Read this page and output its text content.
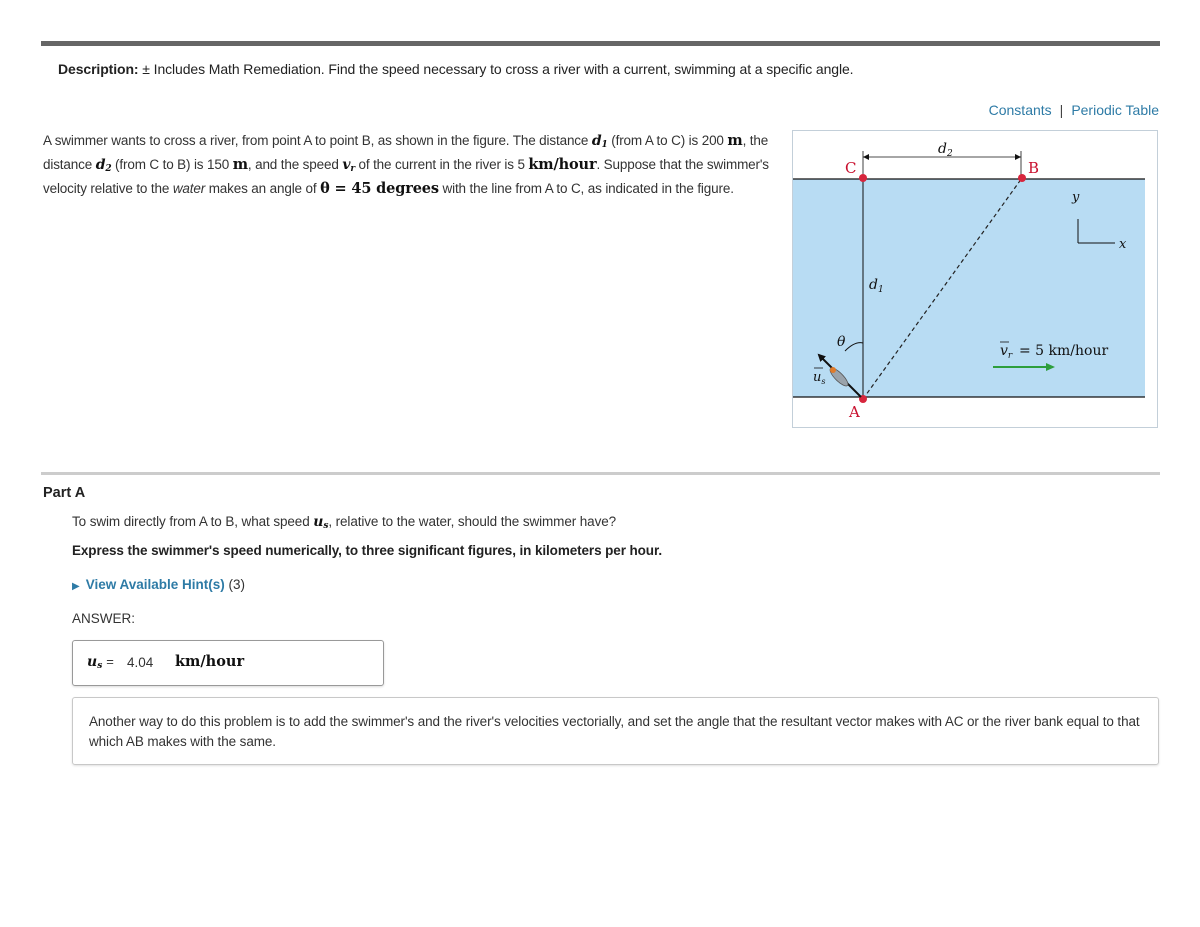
Description: ± Includes Math Remediation. Find the speed necessary to cross a river with a current, swimming at a specific angle.
Constants | Periodic Table
A swimmer wants to cross a river, from point A to point B, as shown in the figure. The distance $d_1$ (from A to C) is 200 m, the distance $d_2$ (from C to B) is 150 m, and the speed $v_r$ of the current in the river is 5 km/hour. Suppose that the swimmer's velocity relative to the water makes an angle of θ = 45 degrees with the line from A to C, as indicated in the figure.
$d_2$
$d_1$
C	B
A
θ
$u_s$
y
x
$v_r = 5$ km/hour
Part A
To swim directly from A to B, what speed $u_s$, relative to the water, should the swimmer have?
Express the swimmer's speed numerically, to three significant figures, in kilometers per hour.
▶ View Available Hint(s) (3)
ANSWER:
$u_s = 4.04$ km/hour
Another way to do this problem is to add the swimmer's and the river's velocities vectorially, and set the angle that the resultant vector makes with AC or the river bank equal to that which AB makes with the same.
